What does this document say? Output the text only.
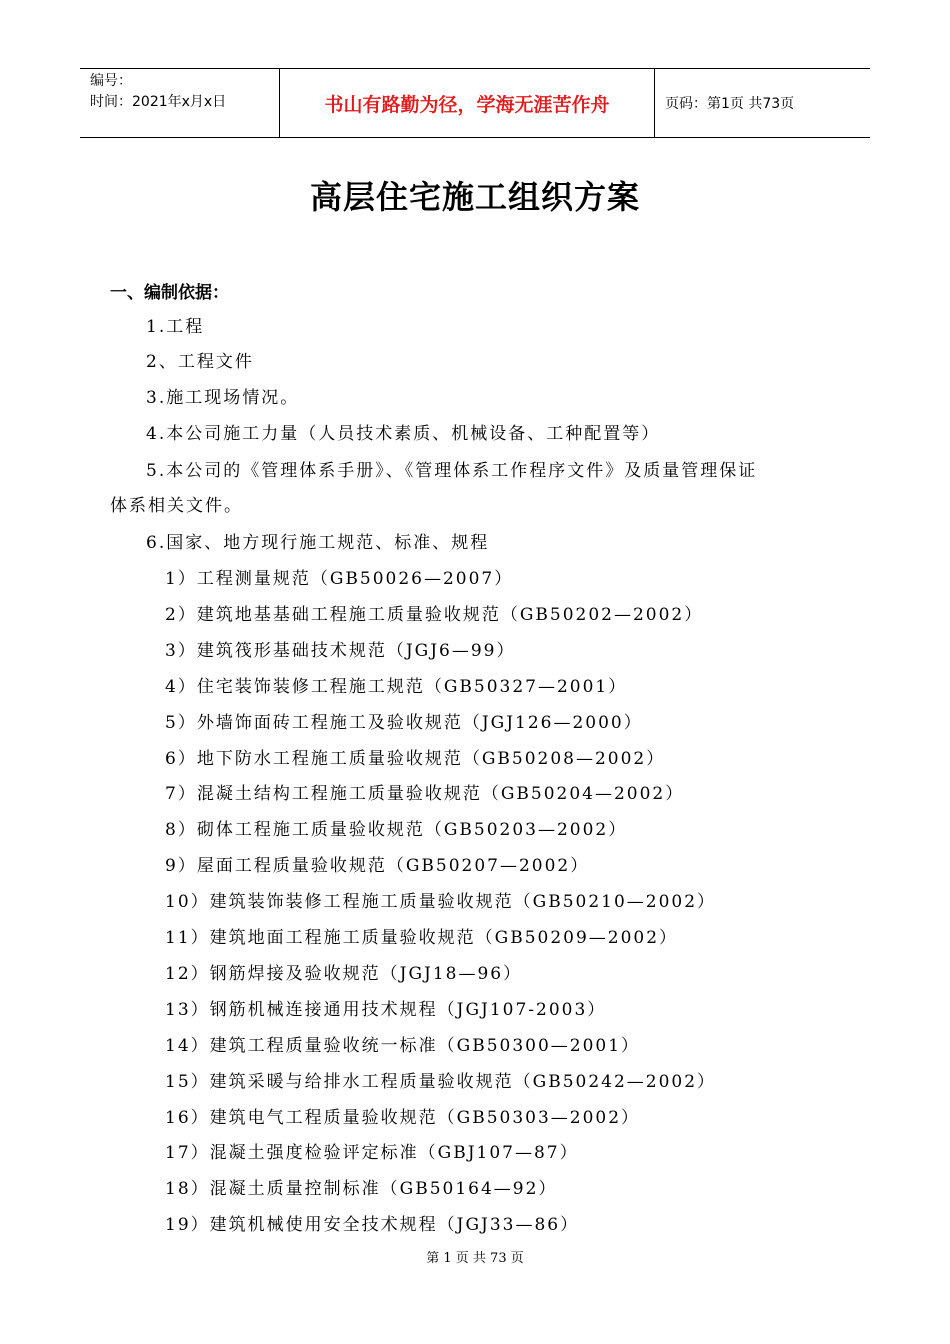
编号：
时间：2021年x月x日	书山有路勤为径，学海无涯苦作舟	页码：第1页 共73页
高层住宅施工组织方案
一、编制依据：
1.工程
2、工程文件
3.施工现场情况。
4.本公司施工力量（人员技术素质、机械设备、工种配置等）
5.本公司的《管理体系手册》、《管理体系工作程序文件》及质量管理保证
体系相关文件。
6.国家、地方现行施工规范、标准、规程
1）工程测量规范（GB50026—2007）
2）建筑地基基础工程施工质量验收规范（GB50202—2002）
3）建筑筏形基础技术规范（JGJ6—99）
4）住宅装饰装修工程施工规范（GB50327—2001）
5）外墙饰面砖工程施工及验收规范（JGJ126—2000）
6）地下防水工程施工质量验收规范（GB50208—2002）
7）混凝土结构工程施工质量验收规范（GB50204—2002）
8）砌体工程施工质量验收规范（GB50203—2002）
9）屋面工程质量验收规范（GB50207—2002）
10）建筑装饰装修工程施工质量验收规范（GB50210—2002）
11）建筑地面工程施工质量验收规范（GB50209—2002）
12）钢筋焊接及验收规范（JGJ18—96）
13）钢筋机械连接通用技术规程（JGJ107-2003）
14）建筑工程质量验收统一标准（GB50300—2001）
15）建筑采暖与给排水工程质量验收规范（GB50242—2002）
16）建筑电气工程质量验收规范（GB50303—2002）
17）混凝土强度检验评定标准（GBJ107—87）
18）混凝土质量控制标准（GB50164—92）
19）建筑机械使用安全技术规程（JGJ33—86）
第 1 页 共 73 页
